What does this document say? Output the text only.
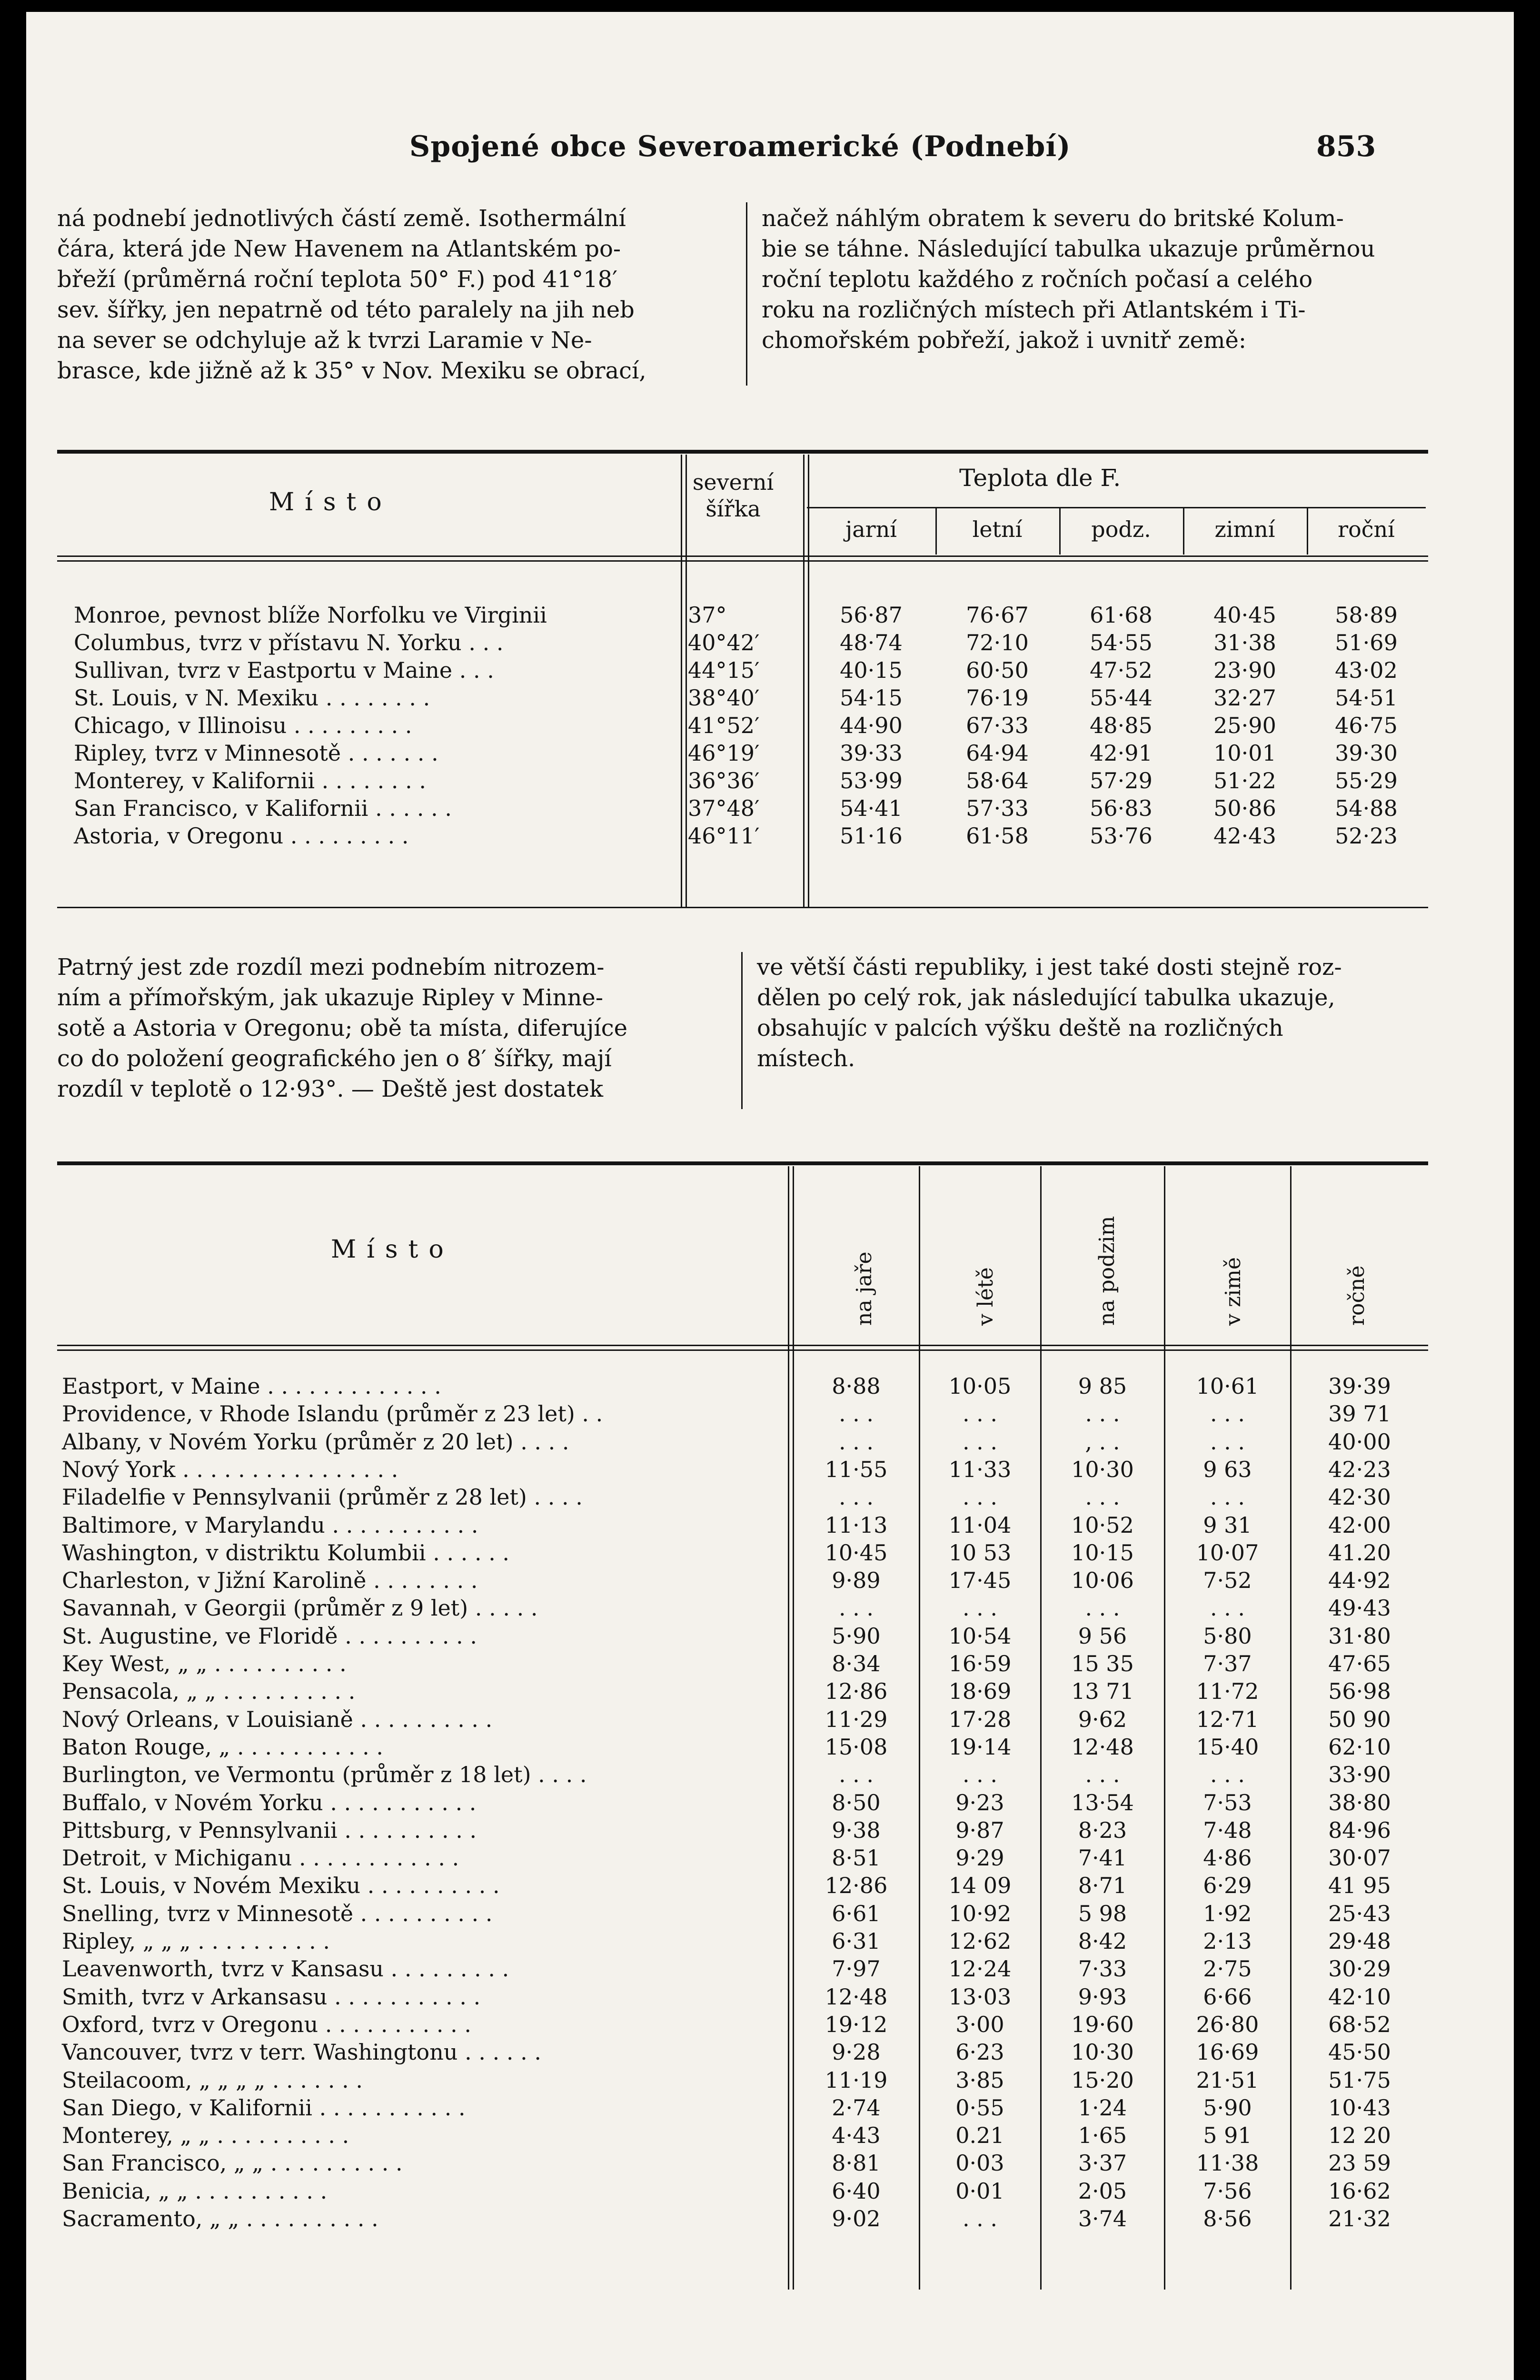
Spojené obce Severoamerické (Podnebí)	853
ná podnebí jednotlivých částí země. Isothermální
čára, která jde New Havenem na Atlantském po-
břeží (průměrná roční teplota 50° F.) pod 41°18′
sev. šířky, jen nepatrně od této paralely na jih neb
na sever se odchyluje až k tvrzi Laramie v Ne-
brasce, kde jižně až k 35° v Nov. Mexiku se obrací,
načež náhlým obratem k severu do britské Kolum-
bie se táhne. Následující tabulka ukazuje průměrnou
roční teplotu každého z ročních počasí a celého
roku na rozličných místech při Atlantském i Ti-
chomořském pobřeží, jakož i uvnitř země:
Místo
severní šířka
Teplota dle F.
jarní	letní	podz.	zimní	roční
Monroe, pevnost blíže Norfolku ve Virginii	37°	56·87	76·67	61·68	40·45	58·89
Columbus, tvrz v přístavu N. Yorku . . .	40°42′	48·74	72·10	54·55	31·38	51·69
Sullivan, tvrz v Eastportu v Maine . . .	44°15′	40·15	60·50	47·52	23·90	43·02
St. Louis, v N. Mexiku . . . . . . . .	38°40′	54·15	76·19	55·44	32·27	54·51
Chicago, v Illinoisu . . . . . . . . .	41°52′	44·90	67·33	48·85	25·90	46·75
Ripley, tvrz v Minnesotě . . . . . . .	46°19′	39·33	64·94	42·91	10·01	39·30
Monterey, v Kalifornii . . . . . . . .	36°36′	53·99	58·64	57·29	51·22	55·29
San Francisco, v Kalifornii . . . . . .	37°48′	54·41	57·33	56·83	50·86	54·88
Astoria, v Oregonu . . . . . . . . .	46°11′	51·16	61·58	53·76	42·43	52·23
Patrný jest zde rozdíl mezi podnebím nitrozem-
ním a přímořským, jak ukazuje Ripley v Minne-
sotě a Astoria v Oregonu; obě ta místa, diferujíce
co do položení geografického jen o 8′ šířky, mají
rozdíl v teplotě o 12·93°. — Deště jest dostatek
ve větší části republiky, i jest také dosti stejně roz-
dělen po celý rok, jak následující tabulka ukazuje,
obsahujíc v palcích výšku deště na rozličných
místech.
Místo
na jaře	v létě	na podzim	v zimě	ročně
Eastport, v Maine . . . . . . . . . . . . .	8·88	10·05	9 85	10·61	39·39
Providence, v Rhode Islandu (průměr z 23 let) . .	. . .	. . .	. . .	. . .	39 71
Albany, v Novém Yorku (průměr z 20 let) . . . .	. . .	. . .	, . .	. . .	40·00
Nový York . . . . . . . . . . . . . . . .	11·55	11·33	10·30	9 63	42·23
Filadelfie v Pennsylvanii (průměr z 28 let) . . . .	. . .	. . .	. . .	. . .	42·30
Baltimore, v Marylandu . . . . . . . . . . .	11·13	11·04	10·52	9 31	42·00
Washington, v distriktu Kolumbii . . . . . .	10·45	10 53	10·15	10·07	41.20
Charleston, v Jižní Karolině . . . . . . . .	9·89	17·45	10·06	7·52	44·92
Savannah, v Georgii (průměr z 9 let) . . . . .	. . .	. . .	. . .	. . .	49·43
St. Augustine, ve Floridě . . . . . . . . . .	5·90	10·54	9 56	5·80	31·80
Key West, „ „ . . . . . . . . . .	8·34	16·59	15 35	7·37	47·65
Pensacola, „ „ . . . . . . . . . .	12·86	18·69	13 71	11·72	56·98
Nový Orleans, v Louisianě . . . . . . . . . .	11·29	17·28	9·62	12·71	50 90
Baton Rouge, „ . . . . . . . . . . .	15·08	19·14	12·48	15·40	62·10
Burlington, ve Vermontu (průměr z 18 let) . . . .	. . .	. . .	. . .	. . .	33·90
Buffalo, v Novém Yorku . . . . . . . . . . .	8·50	9·23	13·54	7·53	38·80
Pittsburg, v Pennsylvanii . . . . . . . . . .	9·38	9·87	8·23	7·48	84·96
Detroit, v Michiganu . . . . . . . . . . . .	8·51	9·29	7·41	4·86	30·07
St. Louis, v Novém Mexiku . . . . . . . . . .	12·86	14 09	8·71	6·29	41 95
Snelling, tvrz v Minnesotě . . . . . . . . . .	6·61	10·92	5 98	1·92	25·43
Ripley, „ „ „ . . . . . . . . . .	6·31	12·62	8·42	2·13	29·48
Leavenworth, tvrz v Kansasu . . . . . . . . .	7·97	12·24	7·33	2·75	30·29
Smith, tvrz v Arkansasu . . . . . . . . . . .	12·48	13·03	9·93	6·66	42·10
Oxford, tvrz v Oregonu . . . . . . . . . . .	19·12	3·00	19·60	26·80	68·52
Vancouver, tvrz v terr. Washingtonu . . . . . .	9·28	6·23	10·30	16·69	45·50
Steilacoom, „ „ „ „ . . . . . . .	11·19	3·85	15·20	21·51	51·75
San Diego, v Kalifornii . . . . . . . . . . .	2·74	0·55	1·24	5·90	10·43
Monterey, „ „ . . . . . . . . . .	4·43	0.21	1·65	5 91	12 20
San Francisco, „ „ . . . . . . . . . .	8·81	0·03	3·37	11·38	23 59
Benicia, „ „ . . . . . . . . . .	6·40	0·01	2·05	7·56	16·62
Sacramento, „ „ . . . . . . . . . .	9·02	. . .	3·74	8·56	21·32
